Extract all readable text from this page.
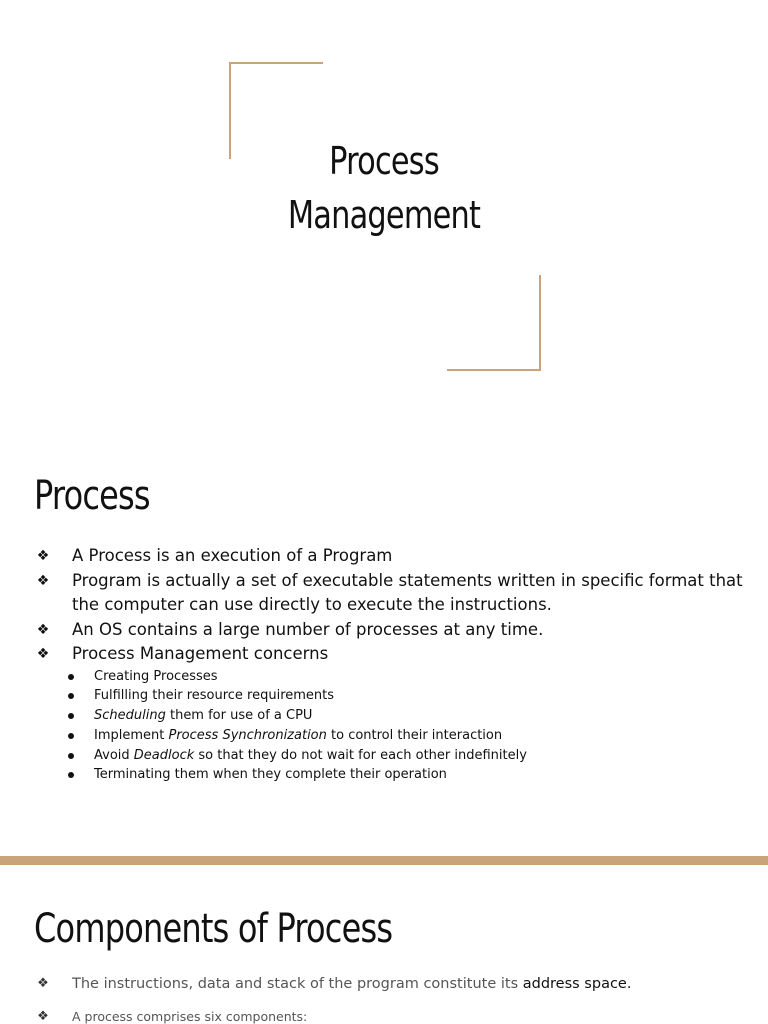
Process
Management
Process
❖ A Process is an execution of a Program
❖ Program is actually a set of executable statements written in specific format that the computer can use directly to execute the instructions.
❖ An OS contains a large number of processes at any time.
❖ Process Management concerns
Creating Processes
Fulfilling their resource requirements
Scheduling them for use of a CPU
Implement Process Synchronization to control their interaction
Avoid Deadlock so that they do not wait for each other indefinitely
Terminating them when they complete their operation
Components of Process
❖ The instructions, data and stack of the program constitute its address space.
❖ A process comprises six components:
